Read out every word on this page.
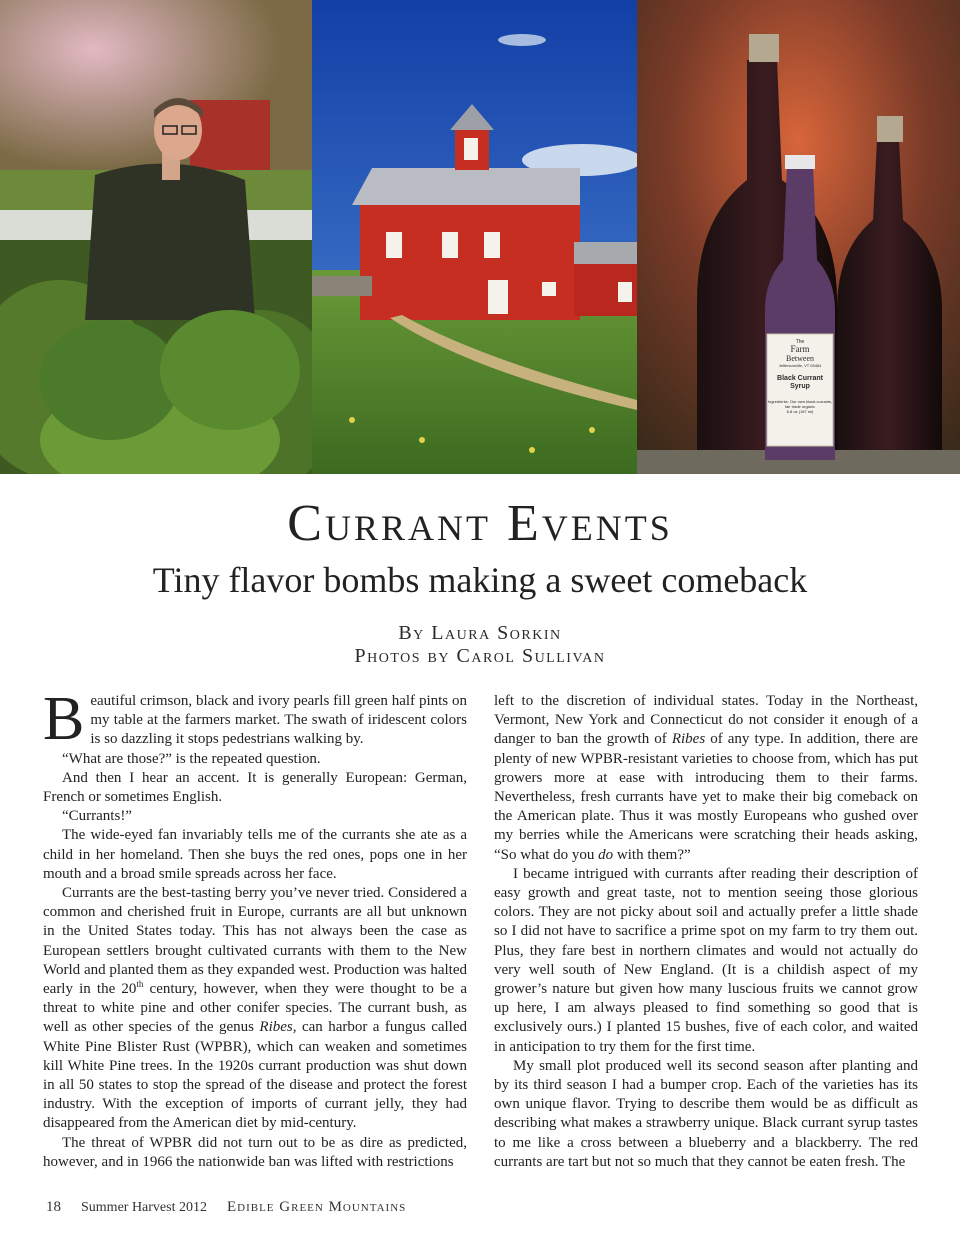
The
Farm
Between
Jeffersonville, VT 05464
Black Currant Syrup
Ingredients: Our own black currants, fair trade organic
6.8 oz (187 ml)
Currant Events
Tiny flavor bombs making a sweet comeback
By Laura Sorkin
Photos by Carol Sullivan

Beautiful crimson, black and ivory pearls fill green half pints on my table at the farmers market. The swath of iridescent colors is so dazzling it stops pedestrians walking by.

“What are those?” is the repeated question.

And then I hear an accent. It is generally European: German, French or sometimes English.

“Currants!”

The wide-eyed fan invariably tells me of the currants she ate as a child in her homeland. Then she buys the red ones, pops one in her mouth and a broad smile spreads across her face.

Currants are the best-tasting berry you’ve never tried. Considered a common and cherished fruit in Europe, currants are all but unknown in the United States today. This has not always been the case as European settlers brought cultivated currants with them to the New World and planted them as they expanded west. Production was halted early in the 20th century, however, when they were thought to be a threat to white pine and other conifer species. The currant bush, as well as other species of the genus Ribes, can harbor a fungus called White Pine Blister Rust (WPBR), which can weaken and sometimes kill White Pine trees. In the 1920s currant production was shut down in all 50 states to stop the spread of the disease and protect the forest industry. With the exception of imports of currant jelly, they had disappeared from the American diet by mid-century.

The threat of WPBR did not turn out to be as dire as predicted, however, and in 1966 the nationwide ban was lifted with restrictions

left to the discretion of individual states. Today in the Northeast, Vermont, New York and Connecticut do not consider it enough of a danger to ban the growth of Ribes of any type. In addition, there are plenty of new WPBR-resistant varieties to choose from, which has put growers more at ease with introducing them to their farms. Nevertheless, fresh currants have yet to make their big comeback on the American plate. Thus it was mostly Europeans who gushed over my berries while the Americans were scratching their heads asking, “So what do you do with them?”

I became intrigued with currants after reading their description of easy growth and great taste, not to mention seeing those glorious colors. They are not picky about soil and actually prefer a little shade so I did not have to sacrifice a prime spot on my farm to try them out. Plus, they fare best in northern climates and would not actually do very well south of New England. (It is a childish aspect of my grower’s nature but given how many luscious fruits we cannot grow up here, I am always pleased to find something so good that is exclusively ours.) I planted 15 bushes, five of each color, and waited in anticipation to try them for the first time.

My small plot produced well its second season after planting and by its third season I had a bumper crop. Each of the varieties has its own unique flavor. Trying to describe them would be as difficult as describing what makes a strawberry unique. Black currant syrup tastes to me like a cross between a blueberry and a blackberry. The red currants are tart but not so much that they cannot be eaten fresh. The

18 Summer Harvest 2012 Edible Green Mountains
